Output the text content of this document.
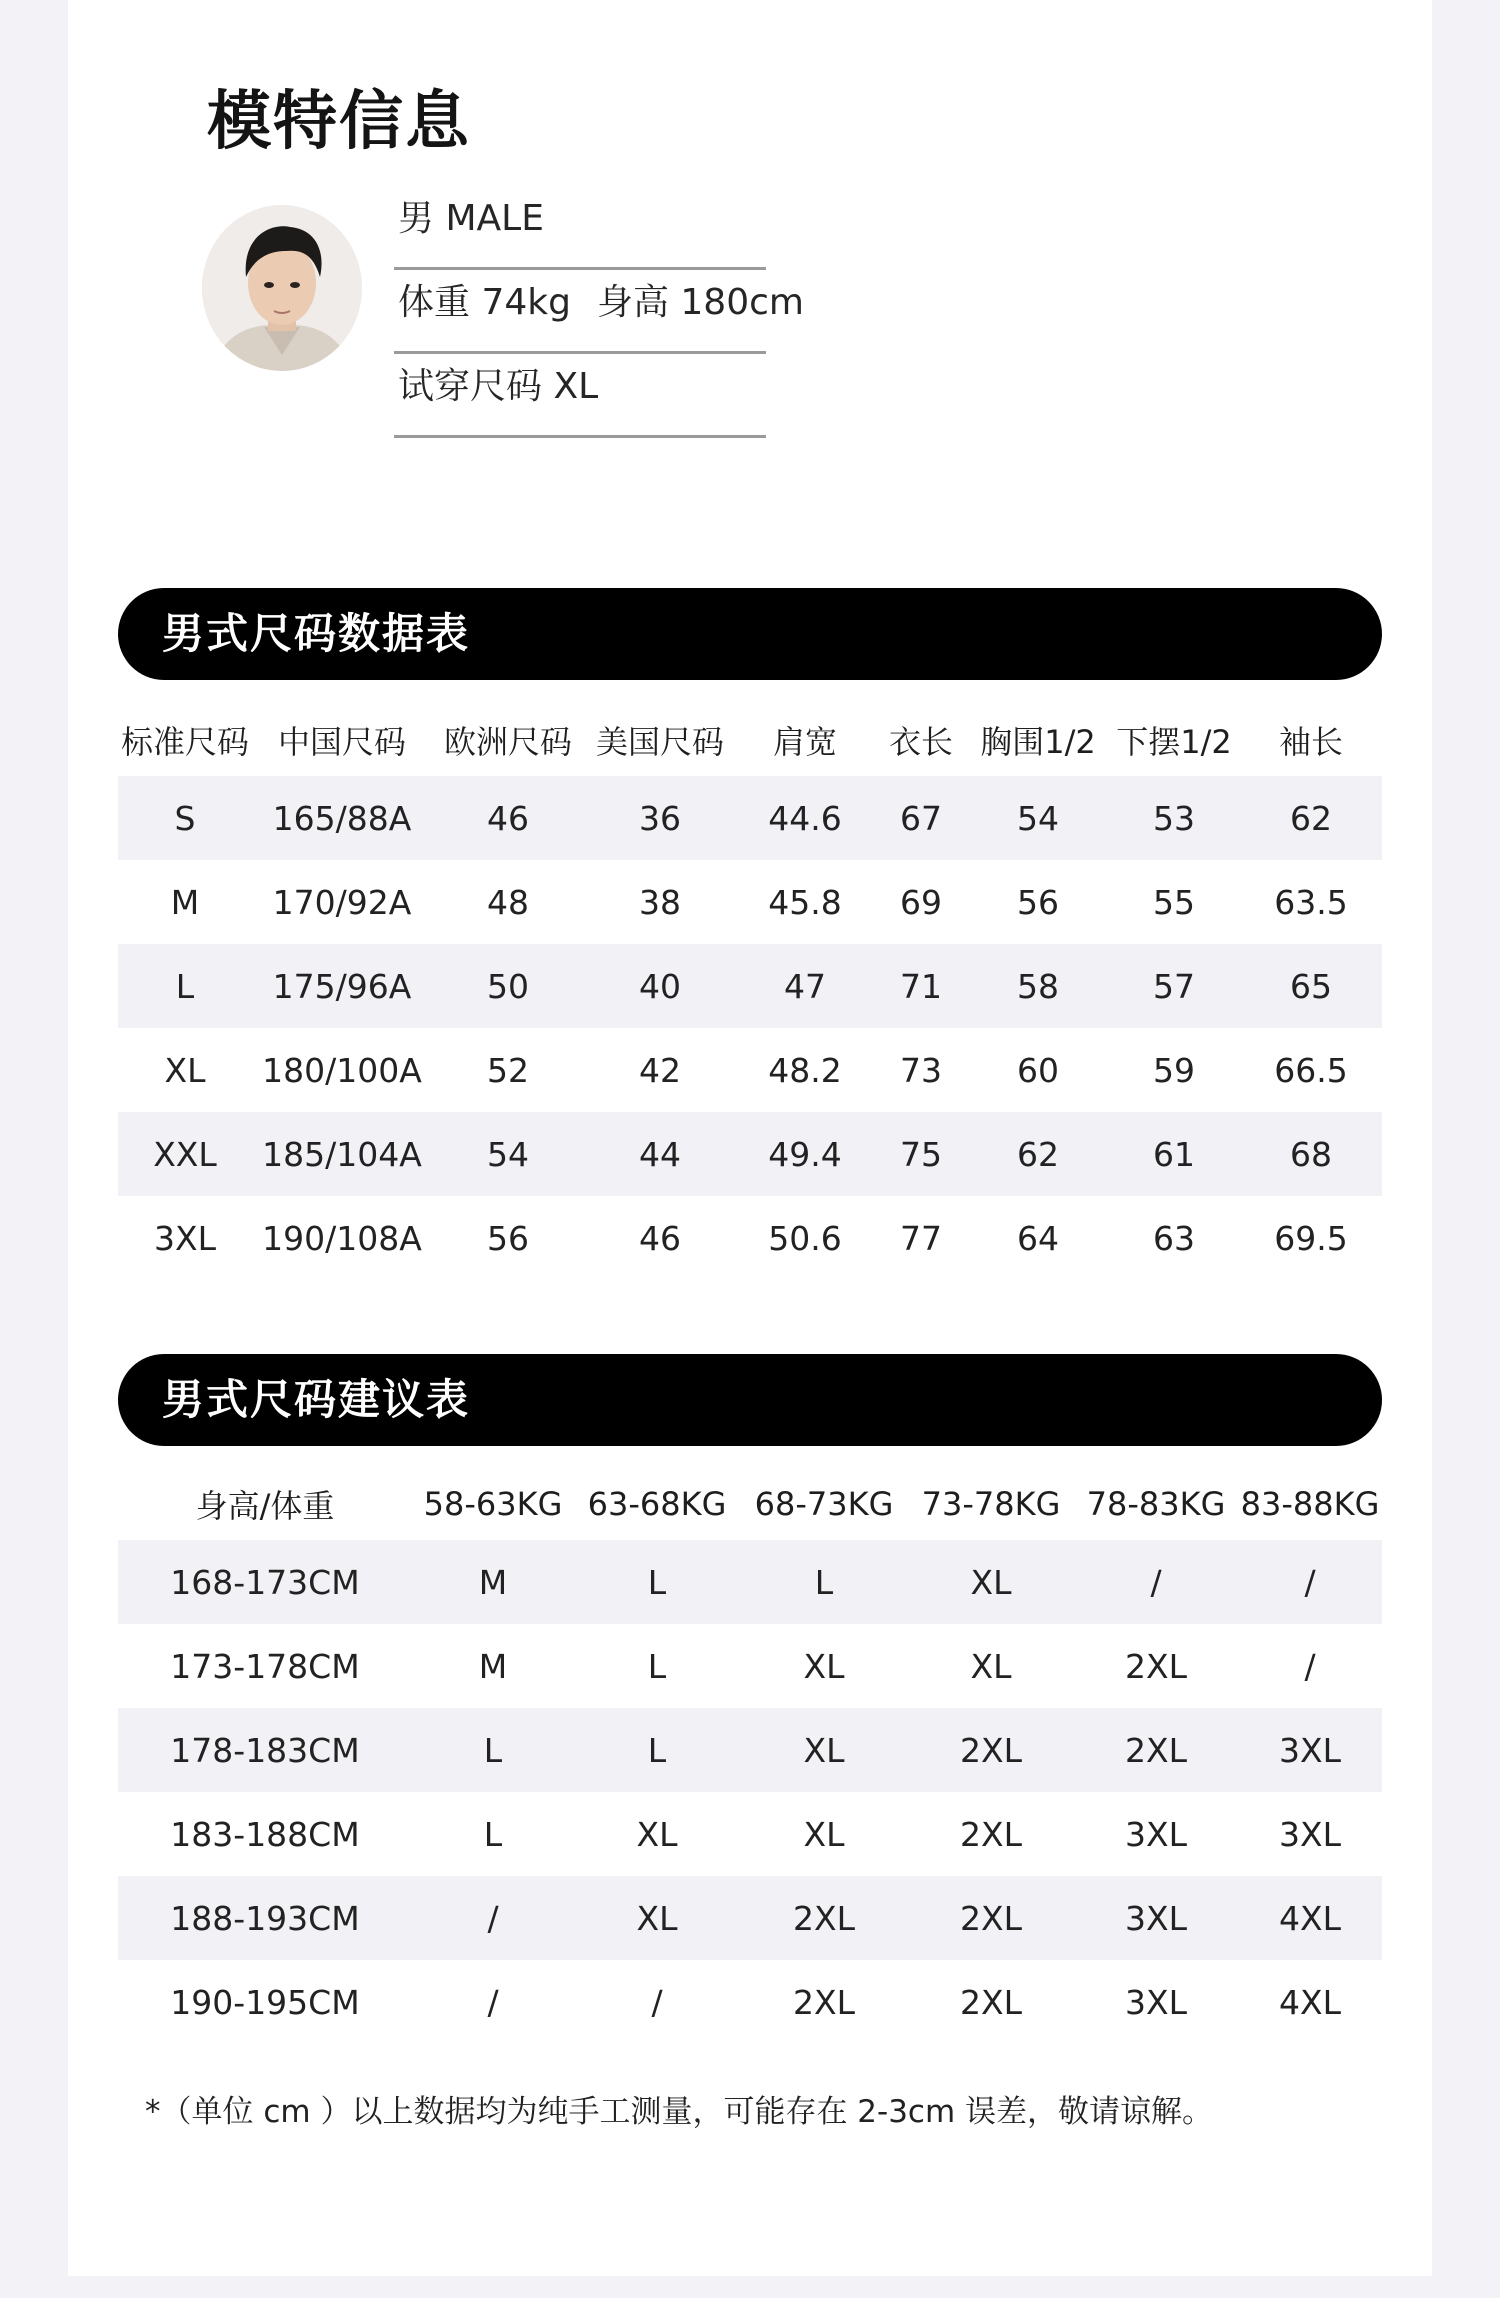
模特信息
男 MALE
体重 74kg 身高 180cm
试穿尺码 XL
男式尺码数据表
标准尺码	中国尺码	欧洲尺码	美国尺码	肩宽	衣长	胸围1/2	下摆1/2	袖长
S	165/88A	46	36	44.6	67	54	53	62
M	170/92A	48	38	45.8	69	56	55	63.5
L	175/96A	50	40	47	71	58	57	65
XL	180/100A	52	42	48.2	73	60	59	66.5
XXL	185/104A	54	44	49.4	75	62	61	68
3XL	190/108A	56	46	50.6	77	64	63	69.5
男式尺码建议表
身高/体重	58-63KG	63-68KG	68-73KG	73-78KG	78-83KG	83-88KG
168-173CM	M	L	L	XL	/	/
173-178CM	M	L	XL	XL	2XL	/
178-183CM	L	L	XL	2XL	2XL	3XL
183-188CM	L	XL	XL	2XL	3XL	3XL
188-193CM	/	XL	2XL	2XL	3XL	4XL
190-195CM	/	/	2XL	2XL	3XL	4XL
*（单位 cm ）以上数据均为纯手工测量，可能存在 2-3cm 误差，敬请谅解。
